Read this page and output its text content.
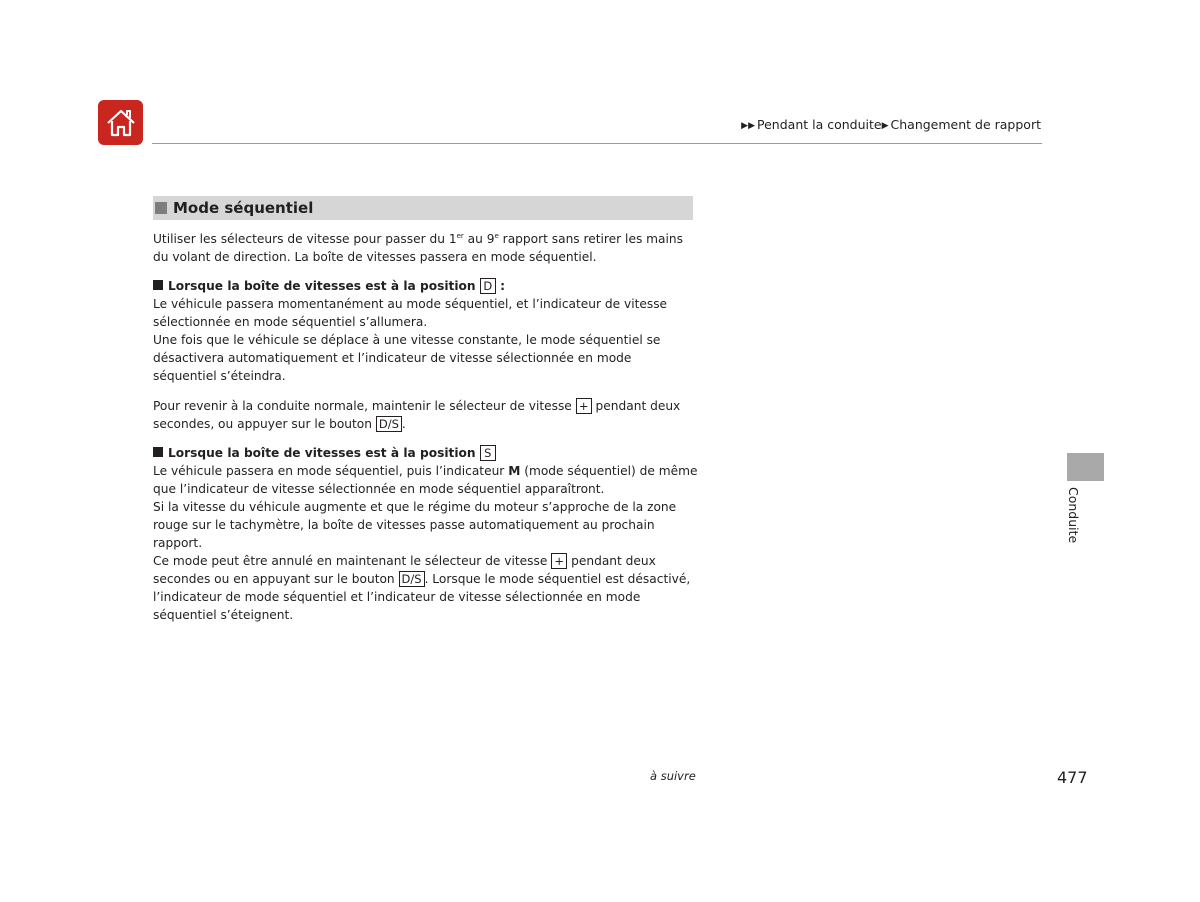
▶▶ Pendant la conduite▶ Changement de rapport
Mode séquentiel

Utiliser les sélecteurs de vitesse pour passer du 1er au 9e rapport sans retirer les mains du volant de direction. La boîte de vitesses passera en mode séquentiel.

Lorsque la boîte de vitesses est à la position D :

Le véhicule passera momentanément au mode séquentiel, et l’indicateur de vitesse sélectionnée en mode séquentiel s’allumera.

Une fois que le véhicule se déplace à une vitesse constante, le mode séquentiel se désactivera automatiquement et l’indicateur de vitesse sélectionnée en mode séquentiel s’éteindra.

Pour revenir à la conduite normale, maintenir le sélecteur de vitesse + pendant deux secondes, ou appuyer sur le bouton D/S .

Lorsque la boîte de vitesses est à la position S

Le véhicule passera en mode séquentiel, puis l’indicateur M (mode séquentiel) de même que l’indicateur de vitesse sélectionnée en mode séquentiel apparaîtront.

Si la vitesse du véhicule augmente et que le régime du moteur s’approche de la zone rouge sur le tachymètre, la boîte de vitesses passe automatiquement au prochain rapport.

Ce mode peut être annulé en maintenant le sélecteur de vitesse + pendant deux secondes ou en appuyant sur le bouton D/S . Lorsque le mode séquentiel est désactivé, l’indicateur de mode séquentiel et l’indicateur de vitesse sélectionnée en mode séquentiel s’éteignent.

Conduite
à suivre	477
